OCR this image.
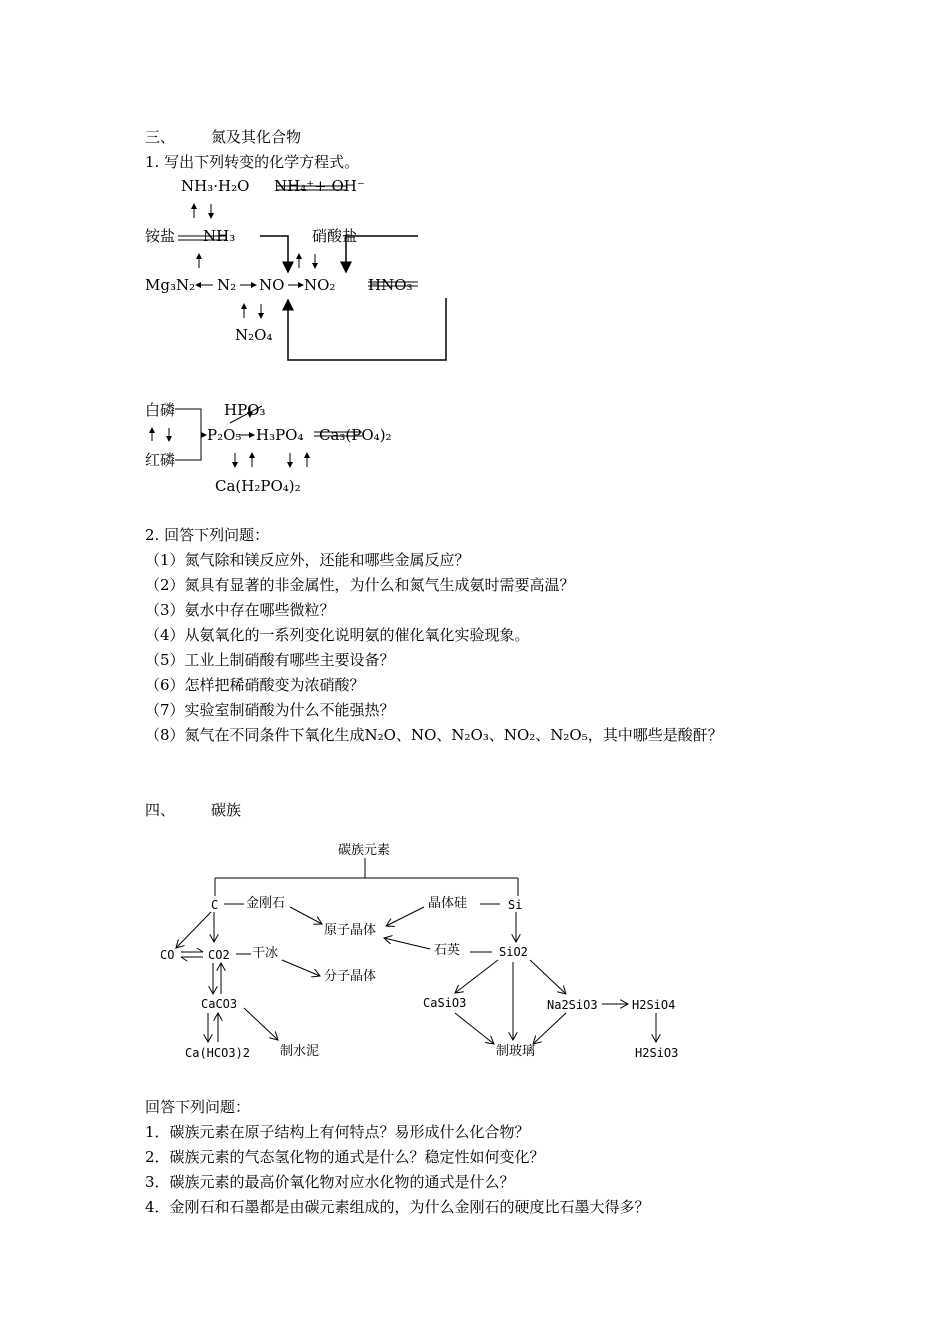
三、 氮及其化合物
1. 写出下列转变的化学方程式。
NH₃·H₂O NH₄⁺+ OH⁻
铵盐 NH₃	硝酸盐
Mg₃N₂ N₂ NO NO₂ HNO₃
N₂O₄
白磷	HPO₃
P₂O₅ H₃PO₄ Ca₃(PO₄)₂
红磷
Ca(H₂PO₄)₂
2. 回答下列问题：
（1）氮气除和镁反应外，还能和哪些金属反应？
（2）氮具有显著的非金属性，为什么和氮气生成氨时需要高温？
（3）氨水中存在哪些微粒？
（4）从氨氧化的一系列变化说明氨的催化氧化实验现象。
（5）工业上制硝酸有哪些主要设备？
（6）怎样把稀硝酸变为浓硝酸？
（7）实验室制硝酸为什么不能强热？
（8）氮气在不同条件下氧化生成N₂O、NO、N₂O₃、NO₂、N₂O₅，其中哪些是酸酐？
四、 碳族
碳族元素
C 金刚石
原子晶体
晶体硅	Si
CO	CO2 干冰	石英	SiO2
分子晶体
CaCO3	CaSiO3	Na2SiO3	H2SiO4
Ca(HCO3)2 制水泥	制玻璃	H2SiO3
回答下列问题：
1．碳族元素在原子结构上有何特点？易形成什么化合物？
2．碳族元素的气态氢化物的通式是什么？稳定性如何变化？
3．碳族元素的最高价氧化物对应水化物的通式是什么？
4．金刚石和石墨都是由碳元素组成的，为什么金刚石的硬度比石墨大得多？
